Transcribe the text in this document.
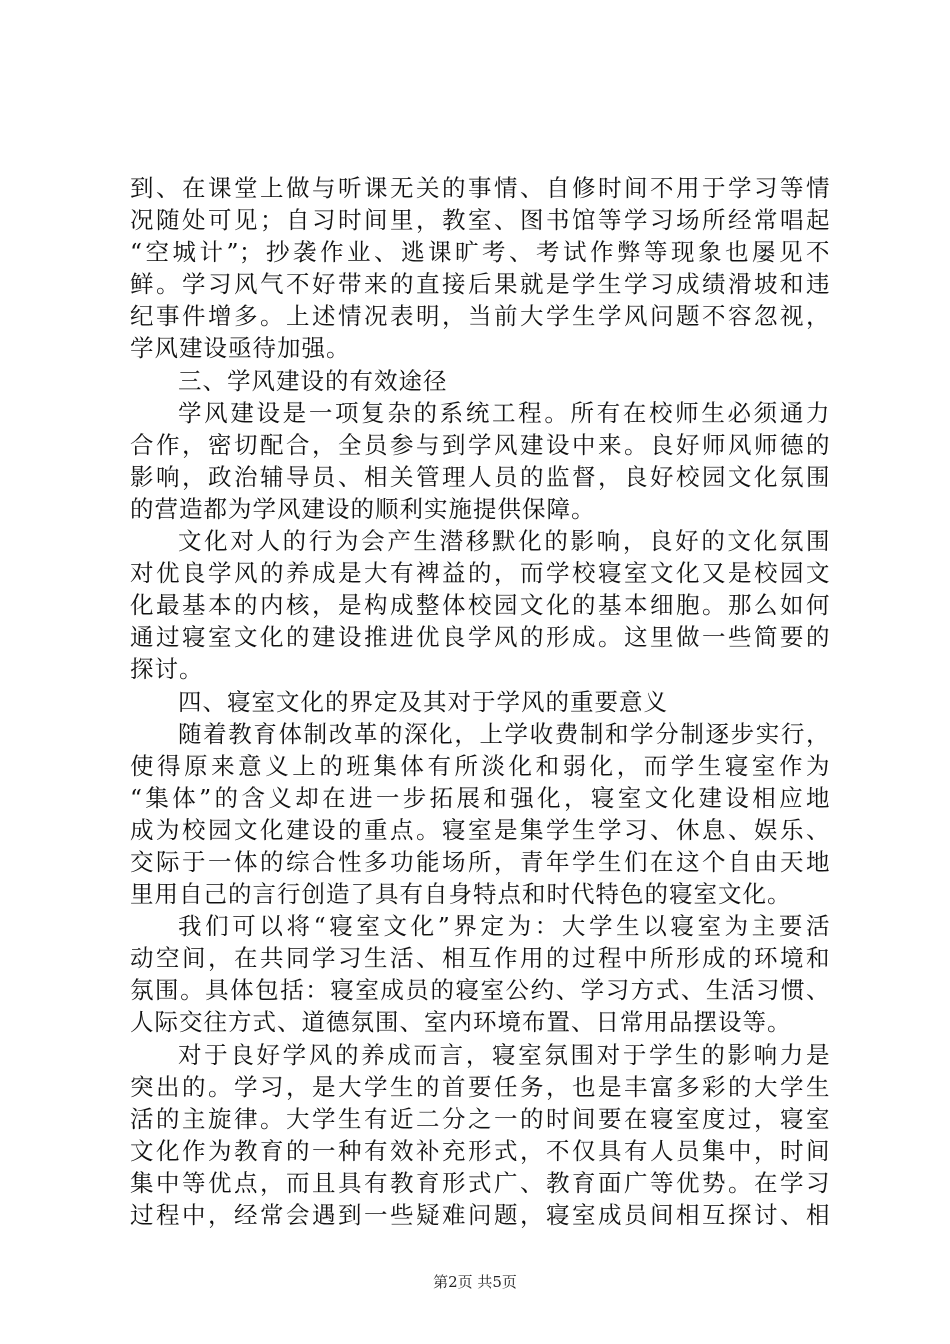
到、在课堂上做与听课无关的事情、自修时间不用于学习等情
况随处可见；自习时间里，教室、图书馆等学习场所经常唱起
“空城计”；抄袭作业、逃课旷考、考试作弊等现象也屡见不
鲜。学习风气不好带来的直接后果就是学生学习成绩滑坡和违
纪事件增多。上述情况表明，当前大学生学风问题不容忽视，
学风建设亟待加强。
三、学风建设的有效途径
学风建设是一项复杂的系统工程。所有在校师生必须通力
合作，密切配合，全员参与到学风建设中来。良好师风师德的
影响，政治辅导员、相关管理人员的监督，良好校园文化氛围
的营造都为学风建设的顺利实施提供保障。
文化对人的行为会产生潜移默化的影响，良好的文化氛围
对优良学风的养成是大有裨益的，而学校寝室文化又是校园文
化最基本的内核，是构成整体校园文化的基本细胞。那么如何
通过寝室文化的建设推进优良学风的形成。这里做一些简要的
探讨。
四、寝室文化的界定及其对于学风的重要意义
随着教育体制改革的深化，上学收费制和学分制逐步实行，
使得原来意义上的班集体有所淡化和弱化，而学生寝室作为
“集体”的含义却在进一步拓展和强化，寝室文化建设相应地
成为校园文化建设的重点。寝室是集学生学习、休息、娱乐、
交际于一体的综合性多功能场所，青年学生们在这个自由天地
里用自己的言行创造了具有自身特点和时代特色的寝室文化。
我们可以将“寝室文化”界定为：大学生以寝室为主要活
动空间，在共同学习生活、相互作用的过程中所形成的环境和
氛围。具体包括：寝室成员的寝室公约、学习方式、生活习惯、
人际交往方式、道德氛围、室内环境布置、日常用品摆设等。
对于良好学风的养成而言，寝室氛围对于学生的影响力是
突出的。学习，是大学生的首要任务，也是丰富多彩的大学生
活的主旋律。大学生有近二分之一的时间要在寝室度过，寝室
文化作为教育的一种有效补充形式，不仅具有人员集中，时间
集中等优点，而且具有教育形式广、教育面广等优势。在学习
过程中，经常会遇到一些疑难问题，寝室成员间相互探讨、相
第2页 共5页
